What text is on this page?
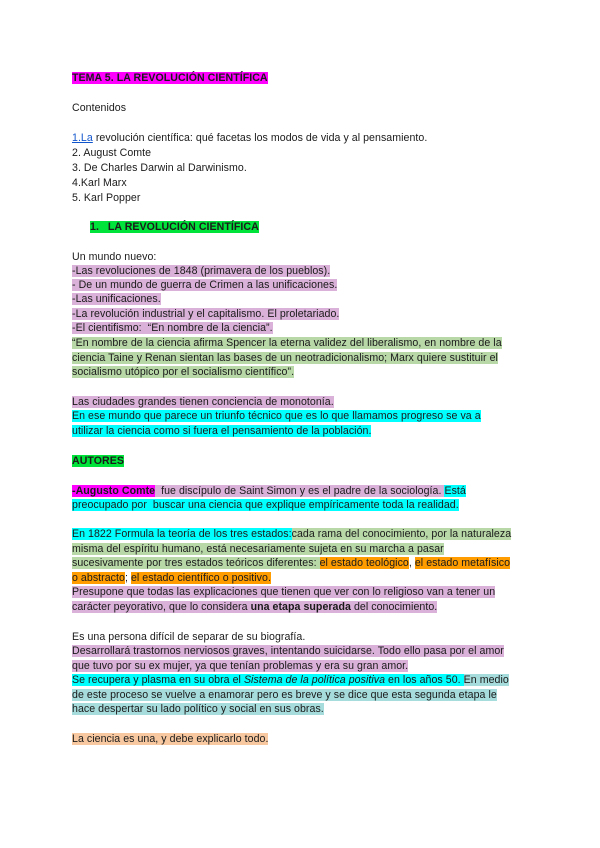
TEMA 5. LA REVOLUCIÓN CIENTÍFICA
Contenidos
1.La revolución científica: qué facetas los modos de vida y al pensamiento.
2. August Comte
3. De Charles Darwin al Darwinismo.
4.Karl Marx
5. Karl Popper
1.   LA REVOLUCIÓN CIENTÍFICA
Un mundo nuevo:
-Las revoluciones de 1848 (primavera de los pueblos).
- De un mundo de guerra de Crimen a las unificaciones.
-Las unificaciones.
-La revolución industrial y el capitalismo. El proletariado.
-El cientifismo:  “En nombre de la ciencia”.
“En nombre de la ciencia afirma Spencer la eterna validez del liberalismo, en nombre de la
ciencia Taine y Renan sientan las bases de un neotradicionalismo; Marx quiere sustituir el
socialismo utópico por el socialismo científico”.
Las ciudades grandes tienen conciencia de monotonía.
En ese mundo que parece un triunfo técnico que es lo que llamamos progreso se va a
utilizar la ciencia como si fuera el pensamiento de la población.
AUTORES
-Augusto Comte  fue discípulo de Saint Simon y es el padre de la sociología. Está
preocupado por  buscar una ciencia que explique empíricamente toda la realidad.
En 1822 Formula la teoría de los tres estados:cada rama del conocimiento, por la naturaleza
misma del espíritu humano, está necesariamente sujeta en su marcha a pasar
sucesivamente por tres estados teóricos diferentes: el estado teológico, el estado metafísico
o abstracto; el estado científico o positivo.
Presupone que todas las explicaciones que tienen que ver con lo religioso van a tener un
carácter peyorativo, que lo considera una etapa superada del conocimiento.
Es una persona difícil de separar de su biografía.
Desarrollará trastornos nerviosos graves, intentando suicidarse. Todo ello pasa por el amor
que tuvo por su ex mujer, ya que tenían problemas y era su gran amor.
Se recupera y plasma en su obra el Sistema de la política positiva en los años 50. En medio
de este proceso se vuelve a enamorar pero es breve y se dice que esta segunda etapa le
hace despertar su lado político y social en sus obras.
La ciencia es una, y debe explicarlo todo.
